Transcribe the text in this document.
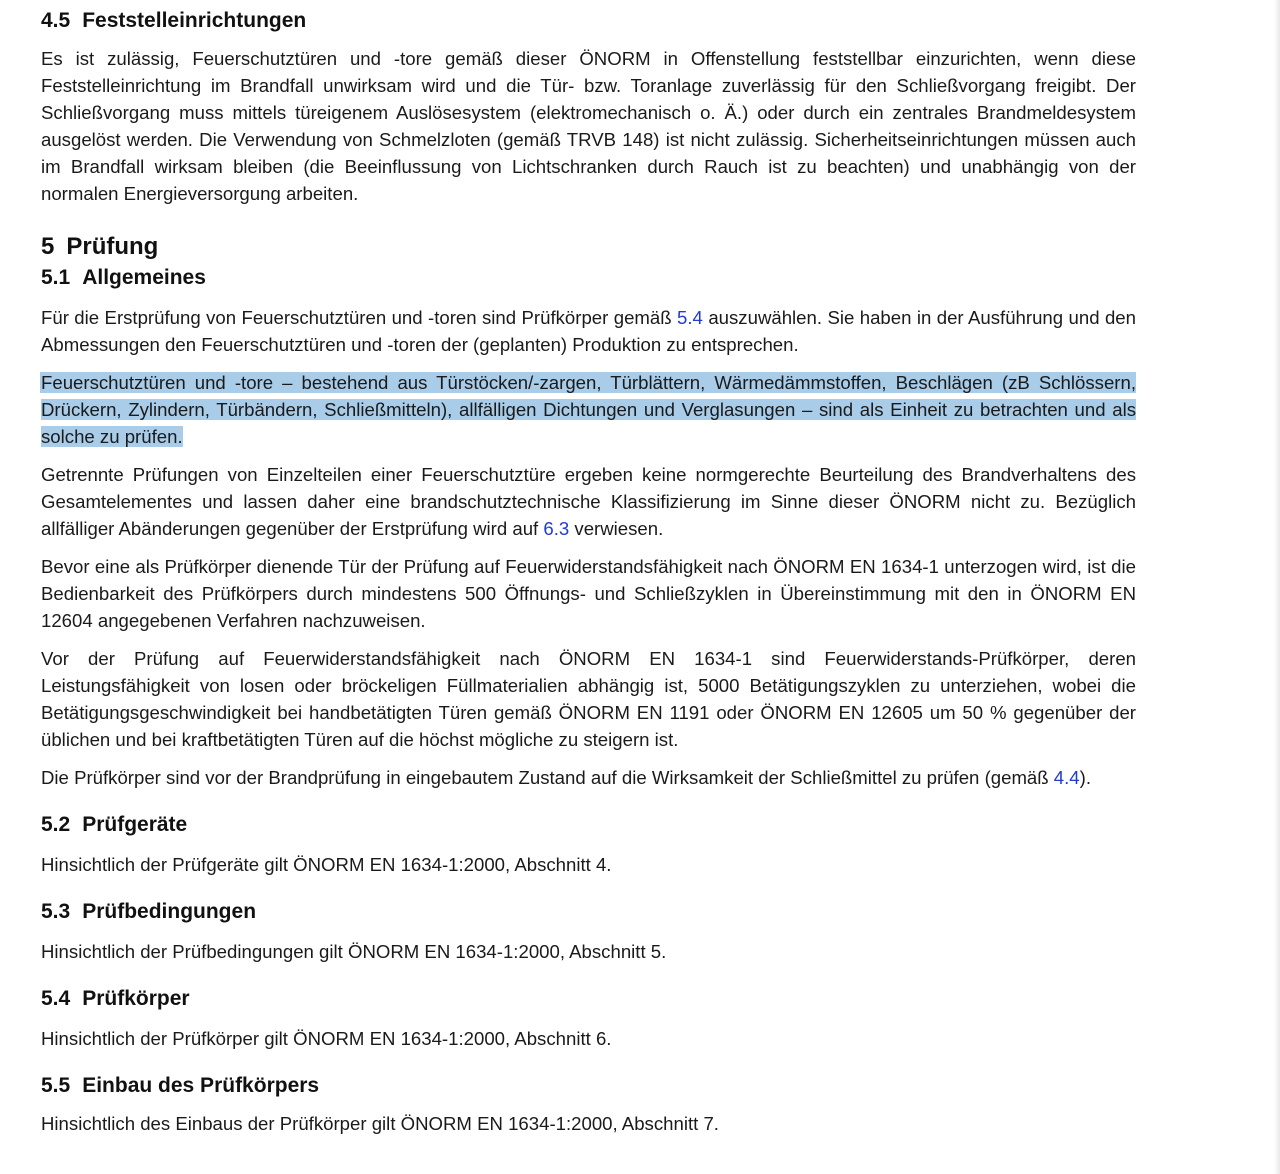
4.5 Feststelleinrichtungen

Es ist zulässig, Feuerschutztüren und -tore gemäß dieser ÖNORM in Offenstellung feststellbar einzurichten, wenn diese Feststelleinrichtung im Brandfall unwirksam wird und die Tür- bzw. Toranlage zuverlässig für den Schließvorgang freigibt. Der Schließvorgang muss mittels türeigenem Auslösesystem (elektromechanisch o. Ä.) oder durch ein zentrales Brandmeldesystem ausgelöst werden. Die Verwendung von Schmelzloten (gemäß TRVB 148) ist nicht zulässig. Sicherheitseinrichtungen müssen auch im Brandfall wirksam bleiben (die Beeinflussung von Lichtschranken durch Rauch ist zu beachten) und unabhängig von der normalen Energieversorgung arbeiten.

5 Prüfung
5.1 Allgemeines

Für die Erstprüfung von Feuerschutztüren und -toren sind Prüfkörper gemäß 5.4 auszuwählen. Sie haben in der Ausführung und den Abmessungen den Feuerschutztüren und -toren der (geplanten) Produktion zu entsprechen.

Feuerschutztüren und -tore – bestehend aus Türstöcken/-zargen, Türblättern, Wärmedämmstoffen, Beschlägen (zB Schlössern, Drückern, Zylindern, Türbändern, Schließmitteln), allfälligen Dichtungen und Verglasungen – sind als Einheit zu betrachten und als solche zu prüfen.

Getrennte Prüfungen von Einzelteilen einer Feuerschutztüre ergeben keine normgerechte Beurteilung des Brandverhaltens des Gesamtelementes und lassen daher eine brandschutztechnische Klassifizierung im Sinne dieser ÖNORM nicht zu. Bezüglich allfälliger Abänderungen gegenüber der Erstprüfung wird auf 6.3 verwiesen.

Bevor eine als Prüfkörper dienende Tür der Prüfung auf Feuerwiderstandsfähigkeit nach ÖNORM EN 1634-1 unterzogen wird, ist die Bedienbarkeit des Prüfkörpers durch mindestens 500 Öffnungs- und Schließzyklen in Übereinstimmung mit den in ÖNORM EN 12604 angegebenen Verfahren nachzuweisen.

Vor der Prüfung auf Feuerwiderstandsfähigkeit nach ÖNORM EN 1634-1 sind Feuerwiderstands-Prüfkörper, deren Leistungsfähigkeit von losen oder bröckeligen Füllmaterialien abhängig ist, 5000 Betätigungszyklen zu unterziehen, wobei die Betätigungsgeschwindigkeit bei handbetätigten Türen gemäß ÖNORM EN 1191 oder ÖNORM EN 12605 um 50 % gegenüber der üblichen und bei kraftbetätigten Türen auf die höchst mögliche zu steigern ist.

Die Prüfkörper sind vor der Brandprüfung in eingebautem Zustand auf die Wirksamkeit der Schließmittel zu prüfen (gemäß 4.4).

5.2 Prüfgeräte

Hinsichtlich der Prüfgeräte gilt ÖNORM EN 1634-1:2000, Abschnitt 4.

5.3 Prüfbedingungen

Hinsichtlich der Prüfbedingungen gilt ÖNORM EN 1634-1:2000, Abschnitt 5.

5.4 Prüfkörper

Hinsichtlich der Prüfkörper gilt ÖNORM EN 1634-1:2000, Abschnitt 6.

5.5 Einbau des Prüfkörpers
Hinsichtlich des Einbaus der Prüfkörper gilt ÖNORM EN 1634-1:2000, Abschnitt 7.
